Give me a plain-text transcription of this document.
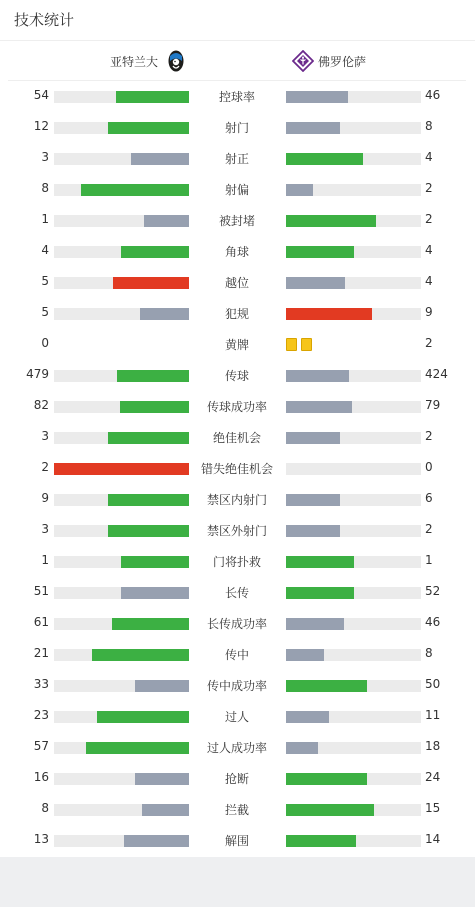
技术统计
亚特兰大	佛罗伦萨
54	控球率	46
12	射门	8
3	射正	4
8	射偏	2
1	被封堵	2
4	角球	4
5	越位	4
5	犯规	9
0	黄牌	2
479	传球	424
82	传球成功率	79
3	绝佳机会	2
2	错失绝佳机会	0
9	禁区内射门	6
3	禁区外射门	2
1	门将扑救	1
51	长传	52
61	长传成功率	46
21	传中	8
33	传中成功率	50
23	过人	11
57	过人成功率	18
16	抢断	24
8	拦截	15
13	解围	14
